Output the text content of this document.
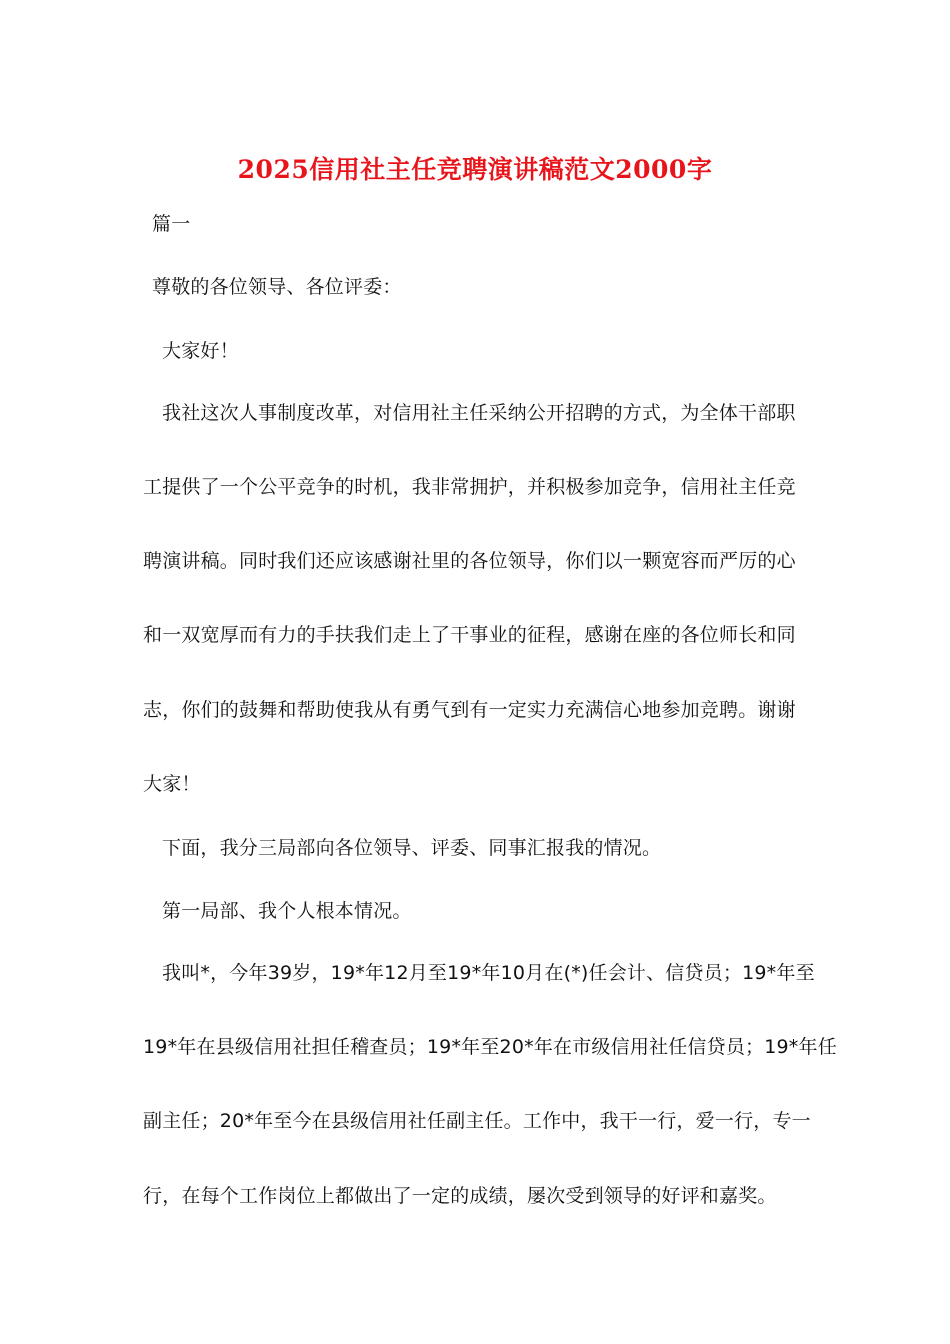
2025信用社主任竞聘演讲稿范文2000字
篇一
尊敬的各位领导、各位评委：
大家好！
我社这次人事制度改革，对信用社主任采纳公开招聘的方式，为全体干部职
工提供了一个公平竞争的时机，我非常拥护，并积极参加竞争，信用社主任竞
聘演讲稿。同时我们还应该感谢社里的各位领导，你们以一颗宽容而严厉的心
和一双宽厚而有力的手扶我们走上了干事业的征程，感谢在座的各位师长和同
志，你们的鼓舞和帮助使我从有勇气到有一定实力充满信心地参加竞聘。谢谢
大家！
下面，我分三局部向各位领导、评委、同事汇报我的情况。
第一局部、我个人根本情况。
我叫*，今年39岁，19*年12月至19*年10月在(*)任会计、信贷员；19*年至
19*年在县级信用社担任稽查员；19*年至20*年在市级信用社任信贷员；19*年任
副主任；20*年至今在县级信用社任副主任。工作中，我干一行，爱一行，专一
行，在每个工作岗位上都做出了一定的成绩，屡次受到领导的好评和嘉奖。
